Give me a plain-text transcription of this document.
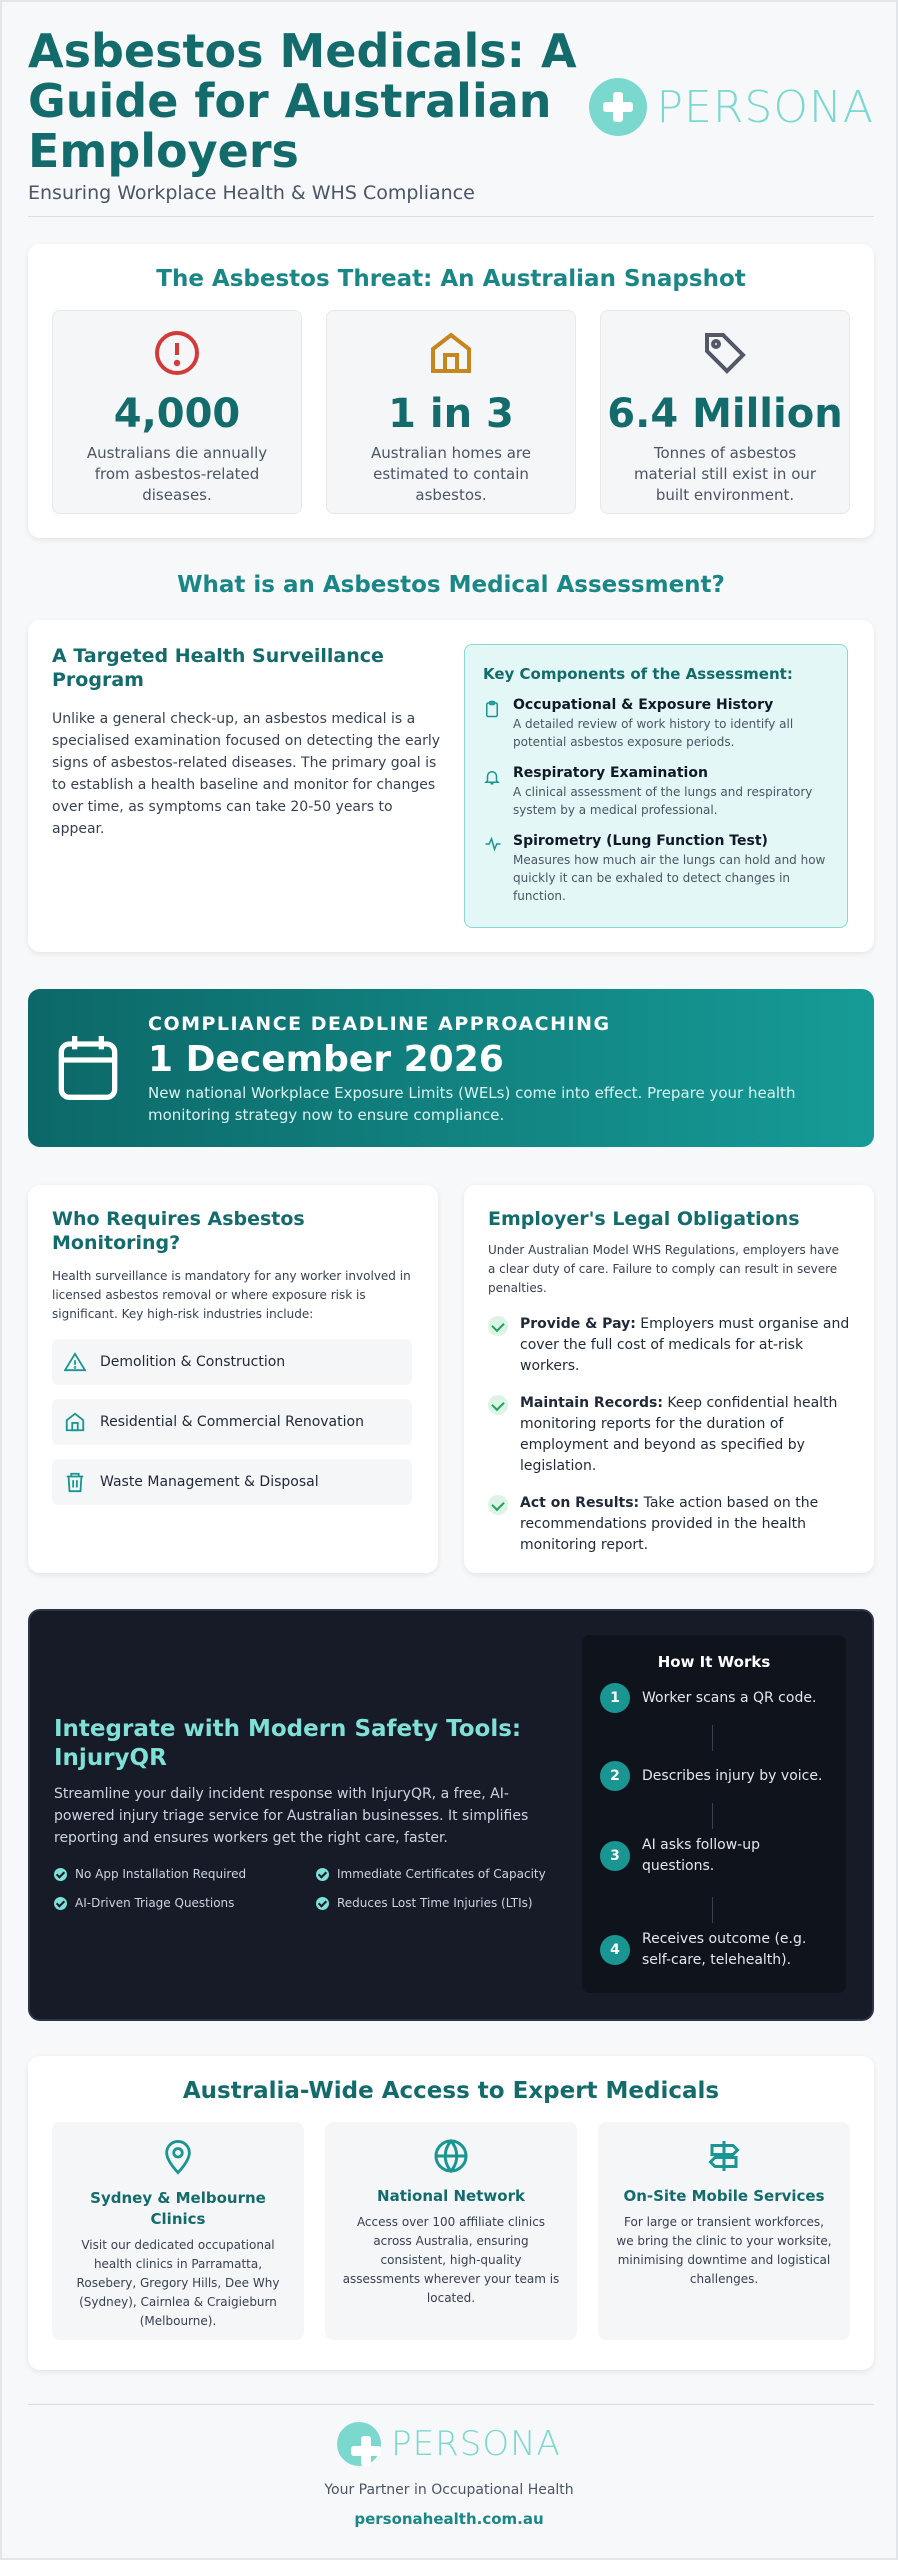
Asbestos Medicals: A Guide for Australian Employers
Ensuring Workplace Health & WHS Compliance
PERSONA
The Asbestos Threat: An Australian Snapshot
4,000
Australians die annually from asbestos-related diseases.
1 in 3
Australian homes are estimated to contain asbestos.
6.4 Million
Tonnes of asbestos material still exist in our built environment.
What is an Asbestos Medical Assessment?
A Targeted Health Surveillance Program

Unlike a general check-up, an asbestos medical is a specialised examination focused on detecting the early signs of asbestos-related diseases. The primary goal is to establish a health baseline and monitor for changes over time, as symptoms can take 20-50 years to appear.

Key Components of the Assessment:
Occupational & Exposure History
A detailed review of work history to identify all potential asbestos exposure periods.
Respiratory Examination
A clinical assessment of the lungs and respiratory system by a medical professional.
Spirometry (Lung Function Test)
Measures how much air the lungs can hold and how quickly it can be exhaled to detect changes in function.
COMPLIANCE DEADLINE APPROACHING
1 December 2026
New national Workplace Exposure Limits (WELs) come into effect. Prepare your health monitoring strategy now to ensure compliance.
Who Requires Asbestos Monitoring?

Health surveillance is mandatory for any worker involved in licensed asbestos removal or where exposure risk is significant. Key high-risk industries include:

Demolition & Construction
Residential & Commercial Renovation
Waste Management & Disposal
Employer's Legal Obligations

Under Australian Model WHS Regulations, employers have a clear duty of care. Failure to comply can result in severe penalties.

Provide & Pay: Employers must organise and cover the full cost of medicals for at-risk workers.
Maintain Records: Keep confidential health monitoring reports for the duration of employment and beyond as specified by legislation.
Act on Results: Take action based on the recommendations provided in the health monitoring report.
Integrate with Modern Safety Tools: InjuryQR

Streamline your daily incident response with InjuryQR, a free, AI-powered injury triage service for Australian businesses. It simplifies reporting and ensures workers get the right care, faster.

No App Installation Required	Immediate Certificates of Capacity
AI-Driven Triage Questions	Reduces Lost Time Injuries (LTIs)
How It Works
1	Worker scans a QR code.
2	Describes injury by voice.
3
AI asks follow-up questions.
4
Receives outcome (e.g. self-care, telehealth).
Australia-Wide Access to Expert Medicals
Sydney & Melbourne Clinics

Visit our dedicated occupational health clinics in Parramatta, Rosebery, Gregory Hills, Dee Why (Sydney), Cairnlea & Craigieburn (Melbourne).

National Network

Access over 100 affiliate clinics across Australia, ensuring consistent, high-quality assessments wherever your team is located.

On-Site Mobile Services

For large or transient workforces, we bring the clinic to your worksite, minimising downtime and logistical challenges.

PERSONA
Your Partner in Occupational Health
personahealth.com.au
